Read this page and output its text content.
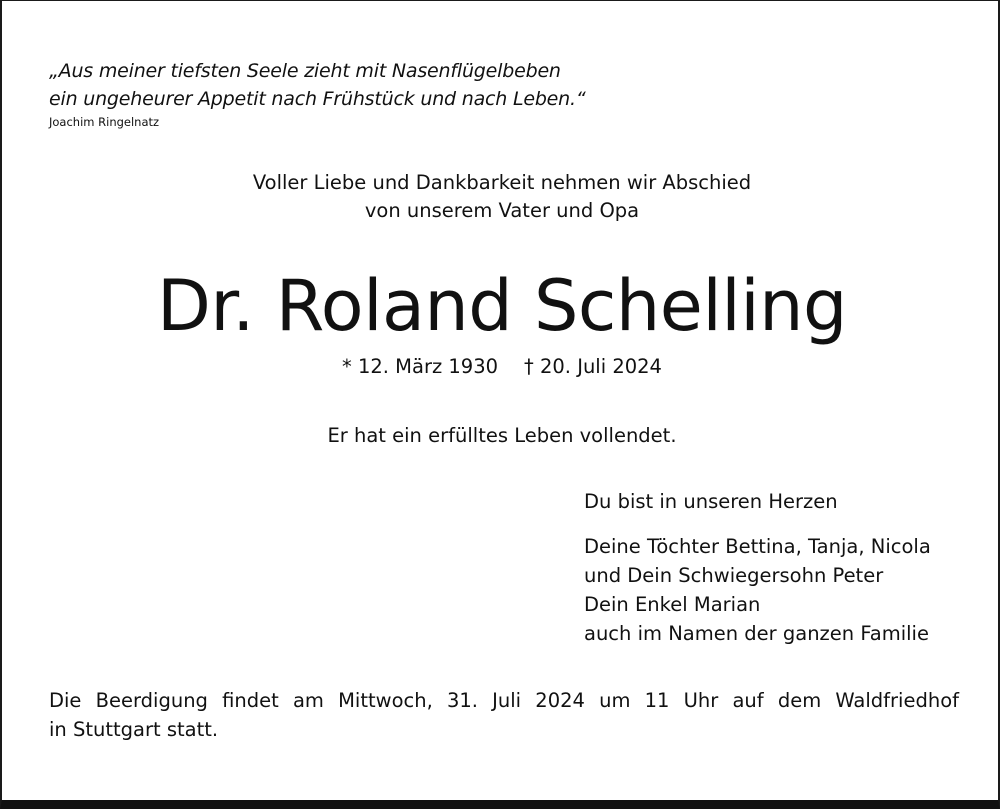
„Aus meiner tiefsten Seele zieht mit Nasenflügelbeben
ein ungeheurer Appetit nach Frühstück und nach Leben.“
Joachim Ringelnatz
Voller Liebe und Dankbarkeit nehmen wir Abschied
von unserem Vater und Opa
Dr. Roland Schelling
* 12. März 1930 † 20. Juli 2024
Er hat ein erfülltes Leben vollendet.
Du bist in unseren Herzen
Deine Töchter Bettina, Tanja, Nicola
und Dein Schwiegersohn Peter
Dein Enkel Marian
auch im Namen der ganzen Familie
Die Beerdigung findet am Mittwoch, 31. Juli 2024 um 11 Uhr auf dem Waldfriedhof
in Stuttgart statt.
